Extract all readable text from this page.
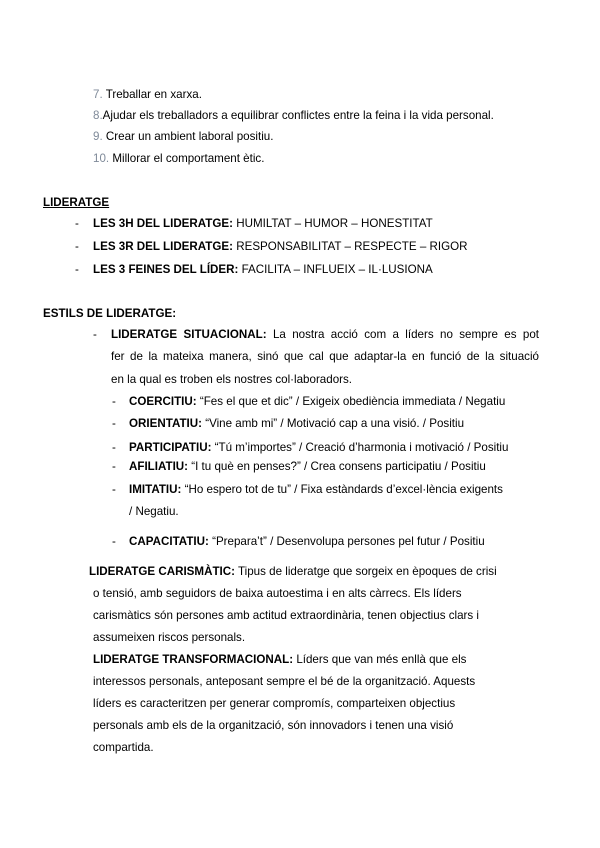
7. Treballar en xarxa.
8.Ajudar els treballadors a equilibrar conflictes entre la feina i la vida personal.
9. Crear un ambient laboral positiu.
10. Millorar el comportament ètic.
LIDERATGE
- LES 3H DEL LIDERATGE: HUMILTAT – HUMOR – HONESTITAT
- LES 3R DEL LIDERATGE: RESPONSABILITAT – RESPECTE – RIGOR
- LES 3 FEINES DEL LÍDER: FACILITA – INFLUEIX – IL·LUSIONA
ESTILS DE LIDERATGE:
- LIDERATGE SITUACIONAL: La nostra acció com a líders no sempre es pot
fer de la mateixa manera, sinó que cal que adaptar-la en funció de la situació
en la qual es troben els nostres col·laboradors.
- COERCITIU: “Fes el que et dic” / Exigeix obediència immediata / Negatiu
- ORIENTATIU: “Vine amb mi” / Motivació cap a una visió. / Positiu
- PARTICIPATIU: “Tú m’importes” / Creació d’harmonia i motivació / Positiu
- AFILIATIU: “I tu què en penses?” / Crea consens participatiu / Positiu
- IMITATIU: “Ho espero tot de tu” / Fixa estàndards d’excel·lència exigents
/ Negatiu.
- CAPACITATIU: “Prepara’t” / Desenvolupa persones pel futur / Positiu
LIDERATGE CARISMÀTIC: Tipus de lideratge que sorgeix en èpoques de crisi
o tensió, amb seguidors de baixa autoestima i en alts càrrecs. Els líders
carismàtics són persones amb actitud extraordinària, tenen objectius clars i
assumeixen riscos personals.
LIDERATGE TRANSFORMACIONAL: Líders que van més enllà que els
interessos personals, anteposant sempre el bé de la organització. Aquests
líders es caracteritzen per generar compromís, comparteixen objectius
personals amb els de la organització, són innovadors i tenen una visió
compartida.
